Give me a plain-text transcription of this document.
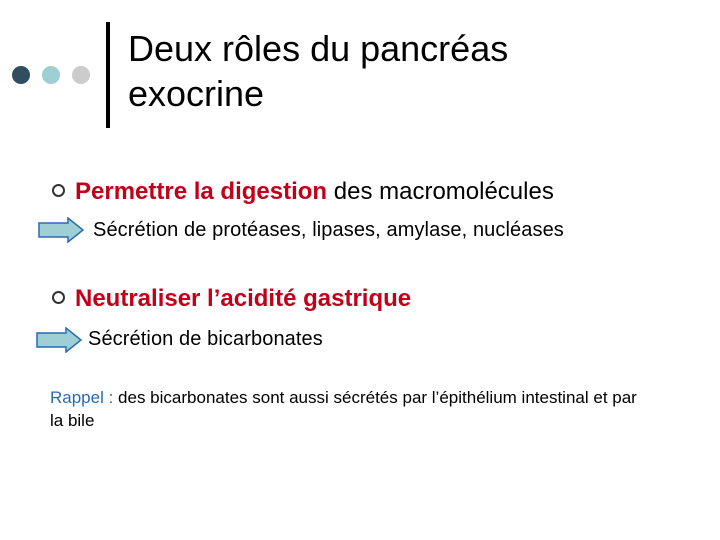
Deux rôles du pancréas
exocrine
Permettre la digestion des macromolécules
Sécrétion de protéases, lipases, amylase, nucléases
Neutraliser l’acidité gastrique
Sécrétion de bicarbonates

Rappel : des bicarbonates sont aussi sécrétés par l’épithélium intestinal et par la bile
